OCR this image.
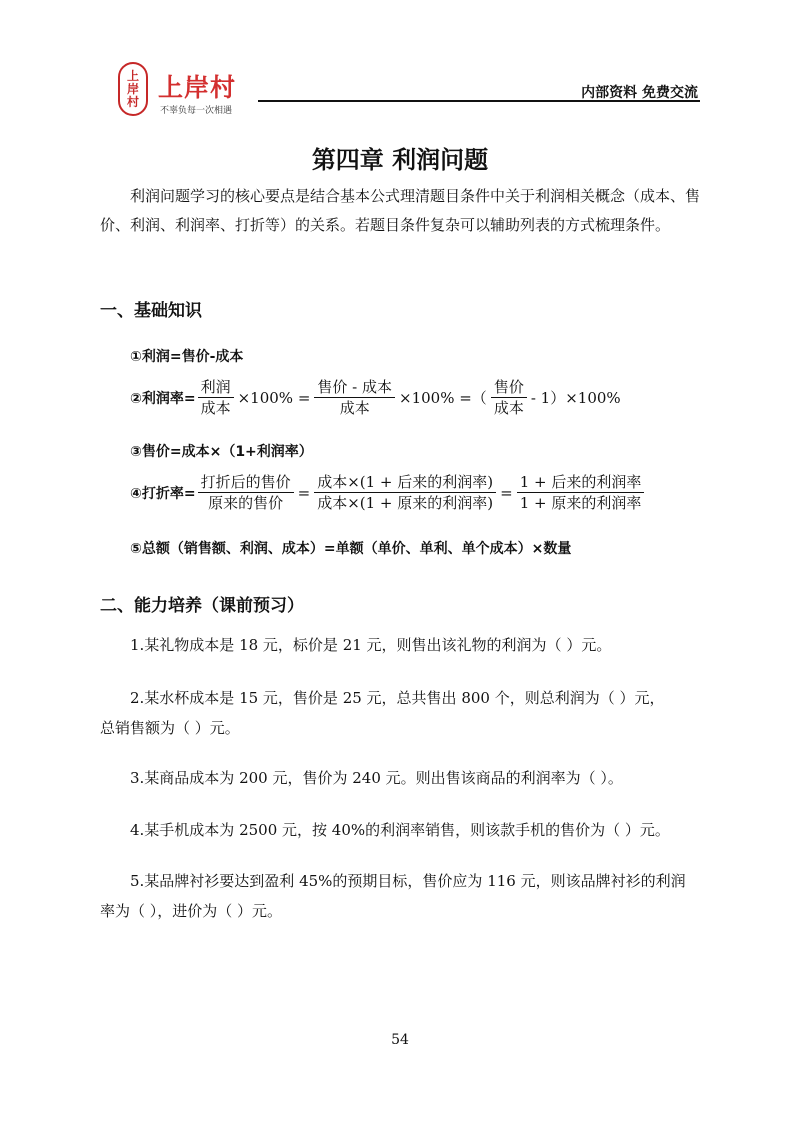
上
岸
村 上岸村
不辜负每一次相遇
内部资料 免费交流
第四章 利润问题
利润问题学习的核心要点是结合基本公式理清题目条件中关于利润相关概念（成本、售价、利润、利润率、打折等）的关系。若题目条件复杂可以辅助列表的方式梳理条件。
一、基础知识
①利润=售价-成本
②利润率= $\frac{\text{利润}}{\text{成本}} \times 100\% = \frac{\text{售价 - 成本}}{\text{成本}} \times 100\%$ =（ $\frac{\text{售价}}{\text{成本}} - 1)\times 100\%$
③售价=成本×（1+利润率）
④打折率= $\frac{\text{打折后的售价}}{\text{原来的售价}} = \frac{\text{成本×(1 + 后来的利润率)}}{\text{成本×(1 + 原来的利润率)}} = \frac{\text{1 + 后来的利润率}}{\text{1 + 原来的利润率}}$
⑤总额（销售额、利润、成本）=单额（单价、单利、单个成本）×数量
二、能力培养（课前预习）
1.某礼物成本是 18 元，标价是 21 元，则售出该礼物的利润为（ ）元。
2.某水杯成本是 15 元，售价是 25 元，总共售出 800 个，则总利润为（ ）元，
总销售额为（ ）元。
3.某商品成本为 200 元，售价为 240 元。则出售该商品的利润率为（ ）。
4.某手机成本为 2500 元，按 40%的利润率销售，则该款手机的售价为（ ）元。
5.某品牌衬衫要达到盈利 45%的预期目标，售价应为 116 元，则该品牌衬衫的利润
率为（ ），进价为（ ）元。
54
